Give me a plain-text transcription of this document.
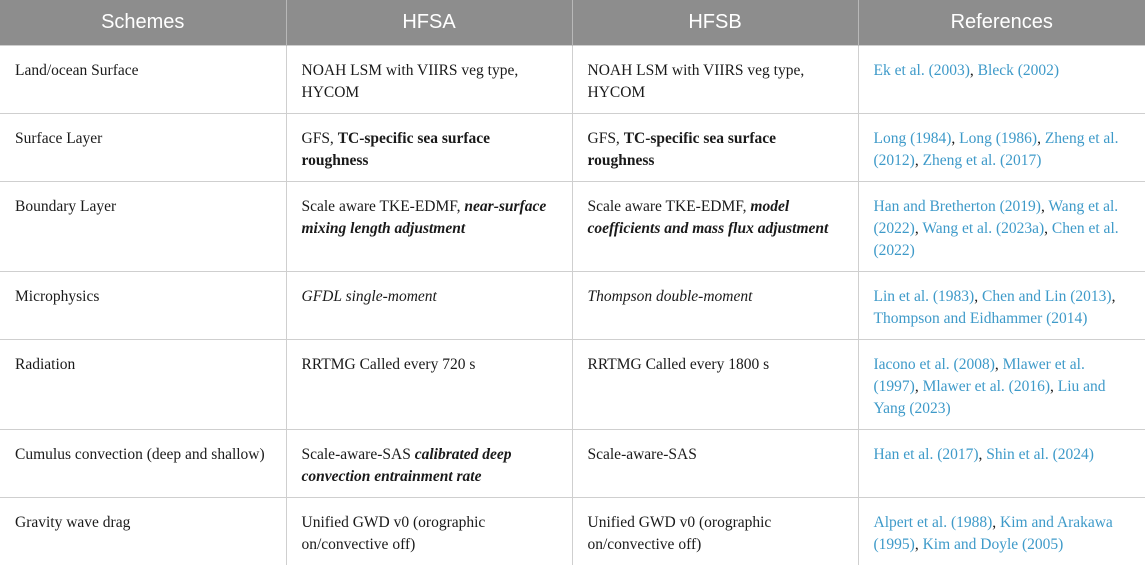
Schemes	HFSA	HFSB	References
Land/ocean Surface	NOAH LSM with VIIRS veg type, HYCOM	NOAH LSM with VIIRS veg type, HYCOM	Ek et al. (2003), Bleck (2002)
Surface Layer	GFS, TC-specific sea surface roughness	GFS, TC-specific sea surface roughness	Long (1984), Long (1986), Zheng et al. (2012), Zheng et al. (2017)
Boundary Layer	Scale aware TKE-EDMF, near-surface mixing length adjustment	Scale aware TKE-EDMF, model coefficients and mass flux adjustment	Han and Bretherton (2019), Wang et al. (2022), Wang et al. (2023a), Chen et al. (2022)
Microphysics	GFDL single-moment	Thompson double-moment	Lin et al. (1983), Chen and Lin (2013), Thompson and Eidhammer (2014)
Radiation	RRTMG Called every 720 s	RRTMG Called every 1800 s	Iacono et al. (2008), Mlawer et al. (1997), Mlawer et al. (2016), Liu and Yang (2023)
Cumulus convection (deep and shallow)	Scale-aware-SAS calibrated deep convection entrainment rate	Scale-aware-SAS	Han et al. (2017), Shin et al. (2024)
Gravity wave drag	Unified GWD v0 (orographic on/convective off)	Unified GWD v0 (orographic on/convective off)	Alpert et al. (1988), Kim and Arakawa (1995), Kim and Doyle (2005)
